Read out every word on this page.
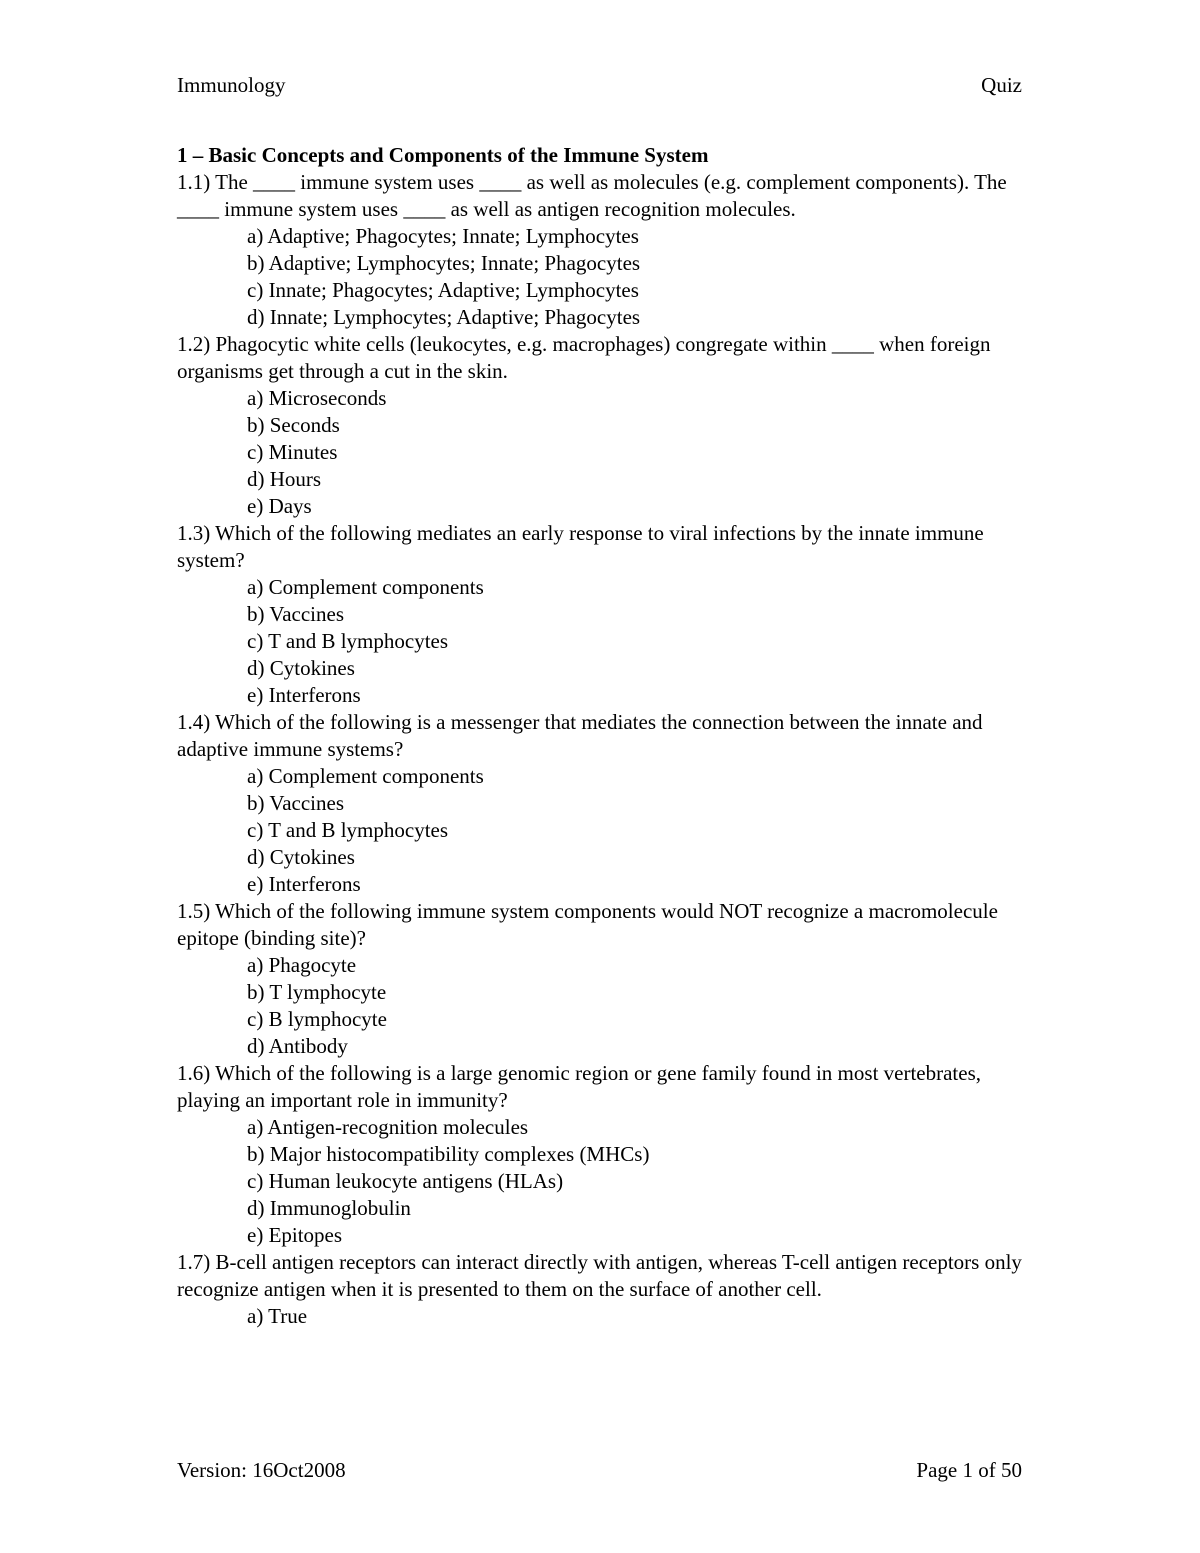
Immunology	Quiz
1 – Basic Concepts and Components of the Immune System
1.1) The ____ immune system uses ____ as well as molecules (e.g. complement components). The ____ immune system uses ____ as well as antigen recognition molecules.
a) Adaptive; Phagocytes; Innate; Lymphocytes
b) Adaptive; Lymphocytes; Innate; Phagocytes
c) Innate; Phagocytes; Adaptive; Lymphocytes
d) Innate; Lymphocytes; Adaptive; Phagocytes
1.2) Phagocytic white cells (leukocytes, e.g. macrophages) congregate within ____ when foreign organisms get through a cut in the skin.
a) Microseconds
b) Seconds
c) Minutes
d) Hours
e) Days
1.3) Which of the following mediates an early response to viral infections by the innate immune system?
a) Complement components
b) Vaccines
c) T and B lymphocytes
d) Cytokines
e) Interferons
1.4) Which of the following is a messenger that mediates the connection between the innate and adaptive immune systems?
a) Complement components
b) Vaccines
c) T and B lymphocytes
d) Cytokines
e) Interferons
1.5) Which of the following immune system components would NOT recognize a macromolecule epitope (binding site)?
a) Phagocyte
b) T lymphocyte
c) B lymphocyte
d) Antibody
1.6) Which of the following is a large genomic region or gene family found in most vertebrates, playing an important role in immunity?
a) Antigen-recognition molecules
b) Major histocompatibility complexes (MHCs)
c) Human leukocyte antigens (HLAs)
d) Immunoglobulin
e) Epitopes
1.7) B-cell antigen receptors can interact directly with antigen, whereas T-cell antigen receptors only recognize antigen when it is presented to them on the surface of another cell.
a) True
Version: 16Oct2008	Page 1 of 50
